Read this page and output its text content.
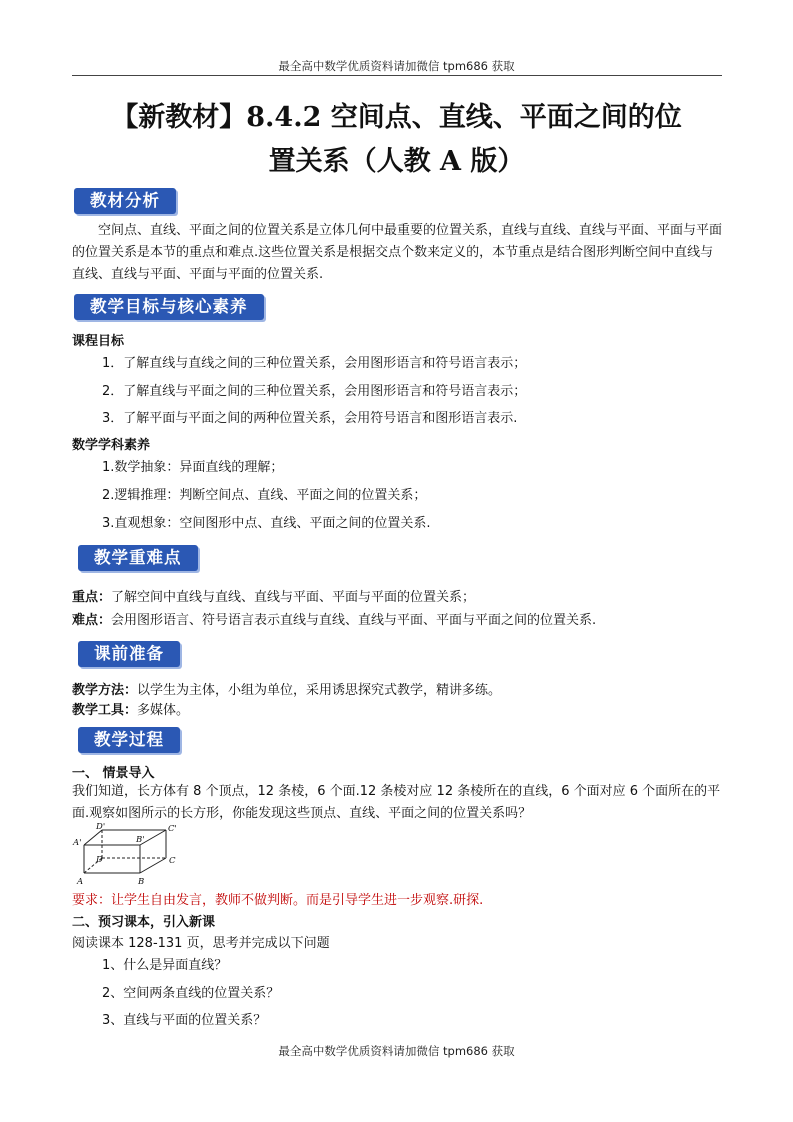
最全高中数学优质资料请加微信 tpm686 获取
【新教材】8.4.2 空间点、直线、平面之间的位
置关系（人教 A 版）
教材分析
空间点、直线、平面之间的位置关系是立体几何中最重要的位置关系，直线与直线、直线与平面、平面与平面的位置关系是本节的重点和难点.这些位置关系是根据交点个数来定义的，本节重点是结合图形判断空间中直线与直线、直线与平面、平面与平面的位置关系.
教学目标与核心素养
课程目标
1．了解直线与直线之间的三种位置关系，会用图形语言和符号语言表示；
2．了解直线与平面之间的三种位置关系，会用图形语言和符号语言表示；
3．了解平面与平面之间的两种位置关系，会用符号语言和图形语言表示.
数学学科素养
1.数学抽象：异面直线的理解；
2.逻辑推理：判断空间点、直线、平面之间的位置关系；
3.直观想象：空间图形中点、直线、平面之间的位置关系.
教学重难点
重点：了解空间中直线与直线、直线与平面、平面与平面的位置关系；
难点：会用图形语言、符号语言表示直线与直线、直线与平面、平面与平面之间的位置关系.
课前准备
教学方法：以学生为主体，小组为单位，采用诱思探究式教学，精讲多练。
教学工具：多媒体。
教学过程
一、 情景导入
我们知道，长方体有 8 个顶点，12 条棱，6 个面.12 条棱对应 12 条棱所在的直线，6 个面对应 6 个面所在的平面.观察如图所示的长方形，你能发现这些顶点、直线、平面之间的位置关系吗？
A'
D'
B'
C'
D	C
A	B
要求：让学生自由发言，教师不做判断。而是引导学生进一步观察.研探.
二、预习课本，引入新课
阅读课本 128-131 页，思考并完成以下问题
1、什么是异面直线？
2、空间两条直线的位置关系？
3、直线与平面的位置关系？
最全高中数学优质资料请加微信 tpm686 获取
